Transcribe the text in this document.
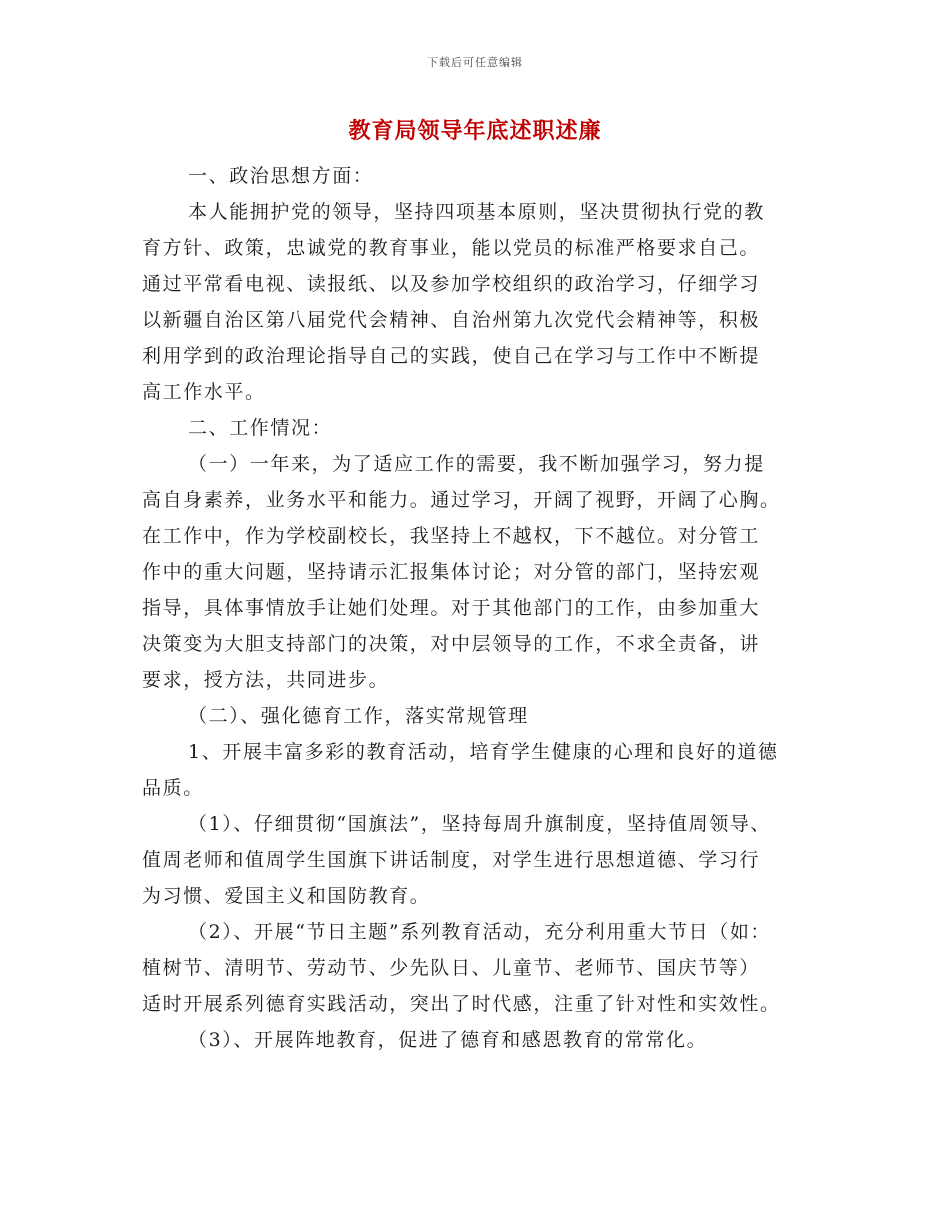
下载后可任意编辑
教育局领导年底述职述廉
一、政治思想方面：
本人能拥护党的领导，坚持四项基本原则，坚决贯彻执行党的教
育方针、政策，忠诚党的教育事业，能以党员的标准严格要求自己。
通过平常看电视、读报纸、以及参加学校组织的政治学习，仔细学习
以新疆自治区第八届党代会精神、自治州第九次党代会精神等，积极
利用学到的政治理论指导自己的实践，使自己在学习与工作中不断提
高工作水平。
二、工作情况：
（一）一年来，为了适应工作的需要，我不断加强学习，努力提
高自身素养，业务水平和能力。通过学习，开阔了视野，开阔了心胸。
在工作中，作为学校副校长，我坚持上不越权，下不越位。对分管工
作中的重大问题，坚持请示汇报集体讨论；对分管的部门，坚持宏观
指导，具体事情放手让她们处理。对于其他部门的工作，由参加重大
决策变为大胆支持部门的决策，对中层领导的工作，不求全责备，讲
要求，授方法，共同进步。
（二）、强化德育工作，落实常规管理
1、开展丰富多彩的教育活动，培育学生健康的心理和良好的道德
品质。
（1）、仔细贯彻“国旗法”，坚持每周升旗制度，坚持值周领导、
值周老师和值周学生国旗下讲话制度，对学生进行思想道德、学习行
为习惯、爱国主义和国防教育。
（2）、开展“节日主题”系列教育活动，充分利用重大节日（如：
植树节、清明节、劳动节、少先队日、儿童节、老师节、国庆节等）
适时开展系列德育实践活动，突出了时代感，注重了针对性和实效性。
（3）、开展阵地教育，促进了德育和感恩教育的常常化。
